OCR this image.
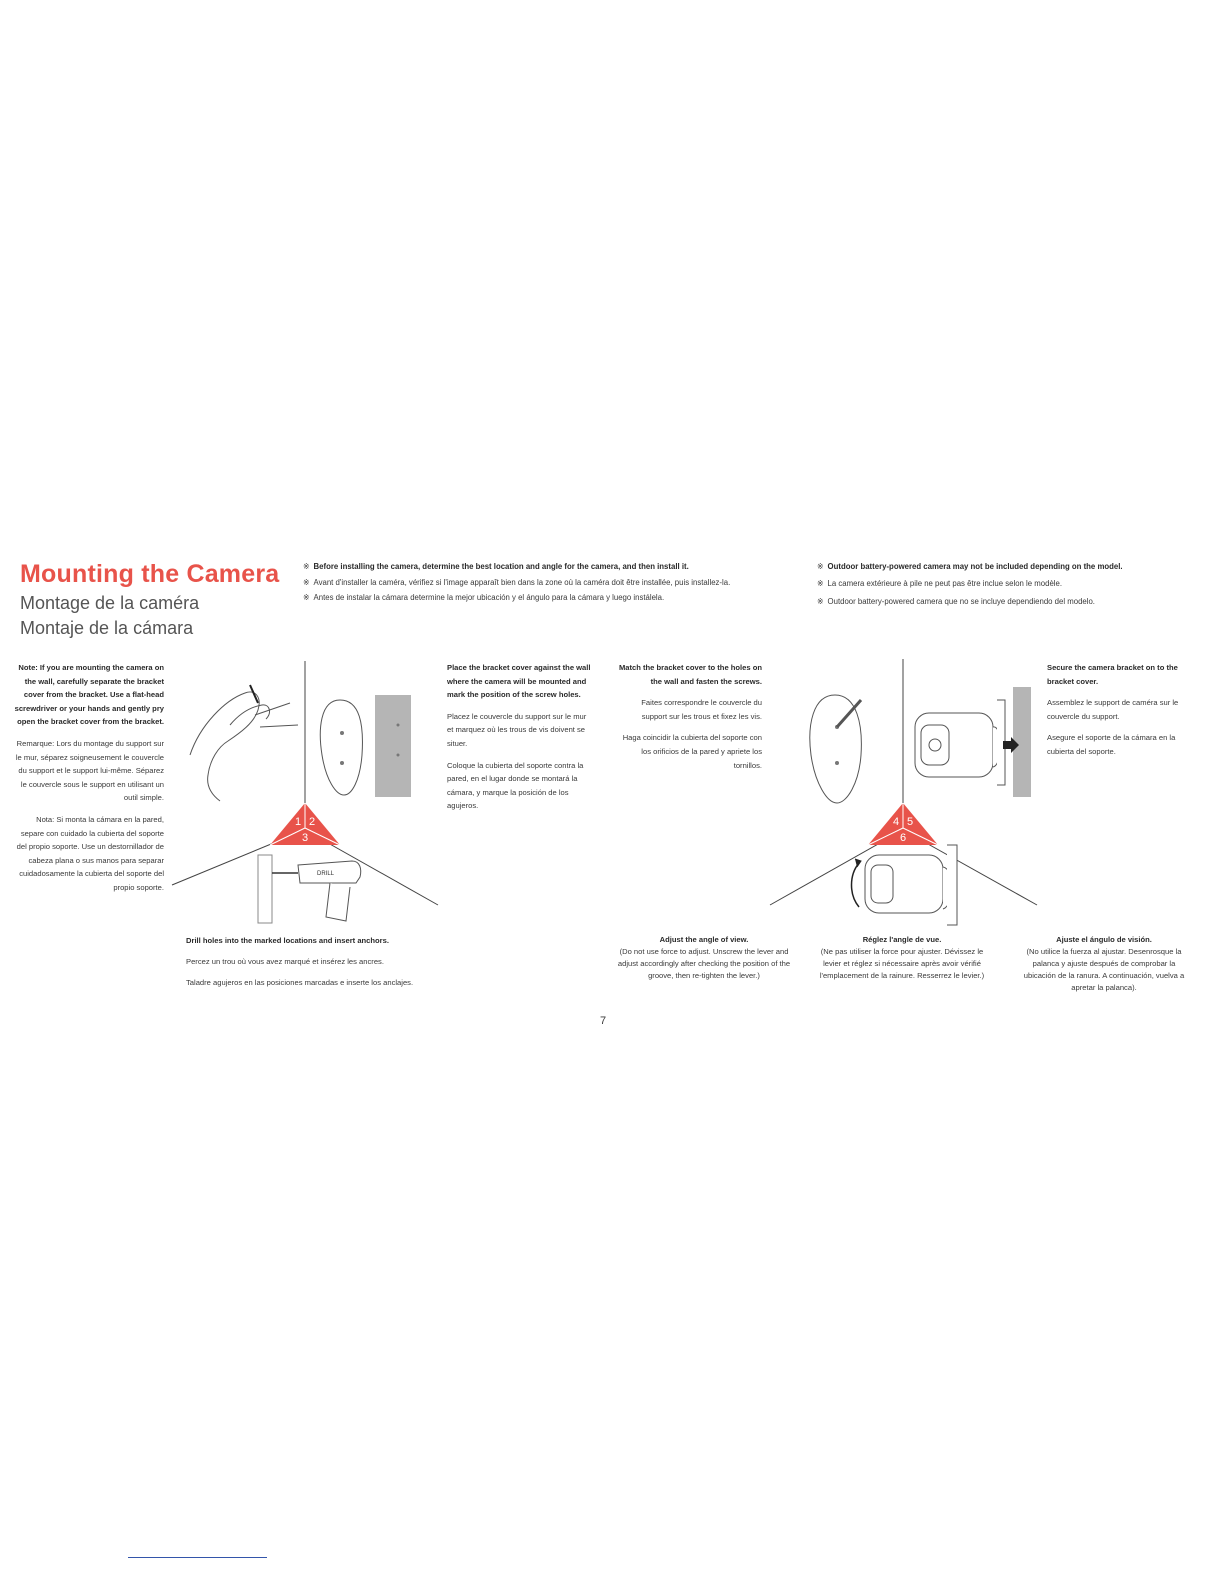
Mounting the Camera
Montage de la caméra
Montaje de la cámara
※ Before installing the camera, determine the best location and angle for the camera, and then install it.
※ Avant d'installer la caméra, vérifiez si l'image apparaît bien dans la zone où la caméra doit être installée, puis installez-la.
※ Antes de instalar la cámara determine la mejor ubicación y el ángulo para la cámara y luego instálela.
※ Outdoor battery-powered camera may not be included depending on the model.
※ La camera extérieure à pile ne peut pas être inclue selon le modèle.
※ Outdoor battery-powered camera que no se incluye dependiendo del modelo.
Note: If you are mounting the camera on the wall, carefully separate the bracket cover from the bracket. Use a flat-head screwdriver or your hands and gently pry open the bracket cover from the bracket.
Remarque: Lors du montage du support sur le mur, séparez soigneusement le couvercle du support et le support lui-même. Séparez le couvercle sous le support en utilisant un outil simple.
Nota: Si monta la cámara en la pared, separe con cuidado la cubierta del soporte del propio soporte. Use un destornillador de cabeza plana o sus manos para separar cuidadosamente la cubierta del soporte del propio soporte.
Place the bracket cover against the wall where the camera will be mounted and mark the position of the screw holes.
Placez le couvercle du support sur le mur et marquez où les trous de vis doivent se situer.
Coloque la cubierta del soporte contra la pared, en el lugar donde se montará la cámara, y marque la posición de los agujeros.
Drill holes into the marked locations and insert anchors.
Percez un trou où vous avez marqué et insérez les ancres.
Taladre agujeros en las posiciones marcadas e inserte los anclajes.
Match the bracket cover to the holes on the wall and fasten the screws.
Faites correspondre le couvercle du support sur les trous et fixez les vis.
Haga coincidir la cubierta del soporte con los orificios de la pared y apriete los tornillos.
Secure the camera bracket on to the bracket cover.
Assemblez le support de caméra sur le couvercle du support.
Asegure el soporte de la cámara en la cubierta del soporte.
Adjust the angle of view.
(Do not use force to adjust. Unscrew the lever and adjust accordingly after checking the position of the groove, then re-tighten the lever.)
Réglez l'angle de vue.
(Ne pas utiliser la force pour ajuster. Dévissez le levier et réglez si nécessaire après avoir vérifié l'emplacement de la rainure. Resserrez le levier.)
Ajuste el ángulo de visión.
(No utilice la fuerza al ajustar. Desenrosque la palanca y ajuste después de comprobar la ubicación de la ranura. A continuación, vuelva a apretar la palanca).
1 2
3
DRILL
4 5
6
7
